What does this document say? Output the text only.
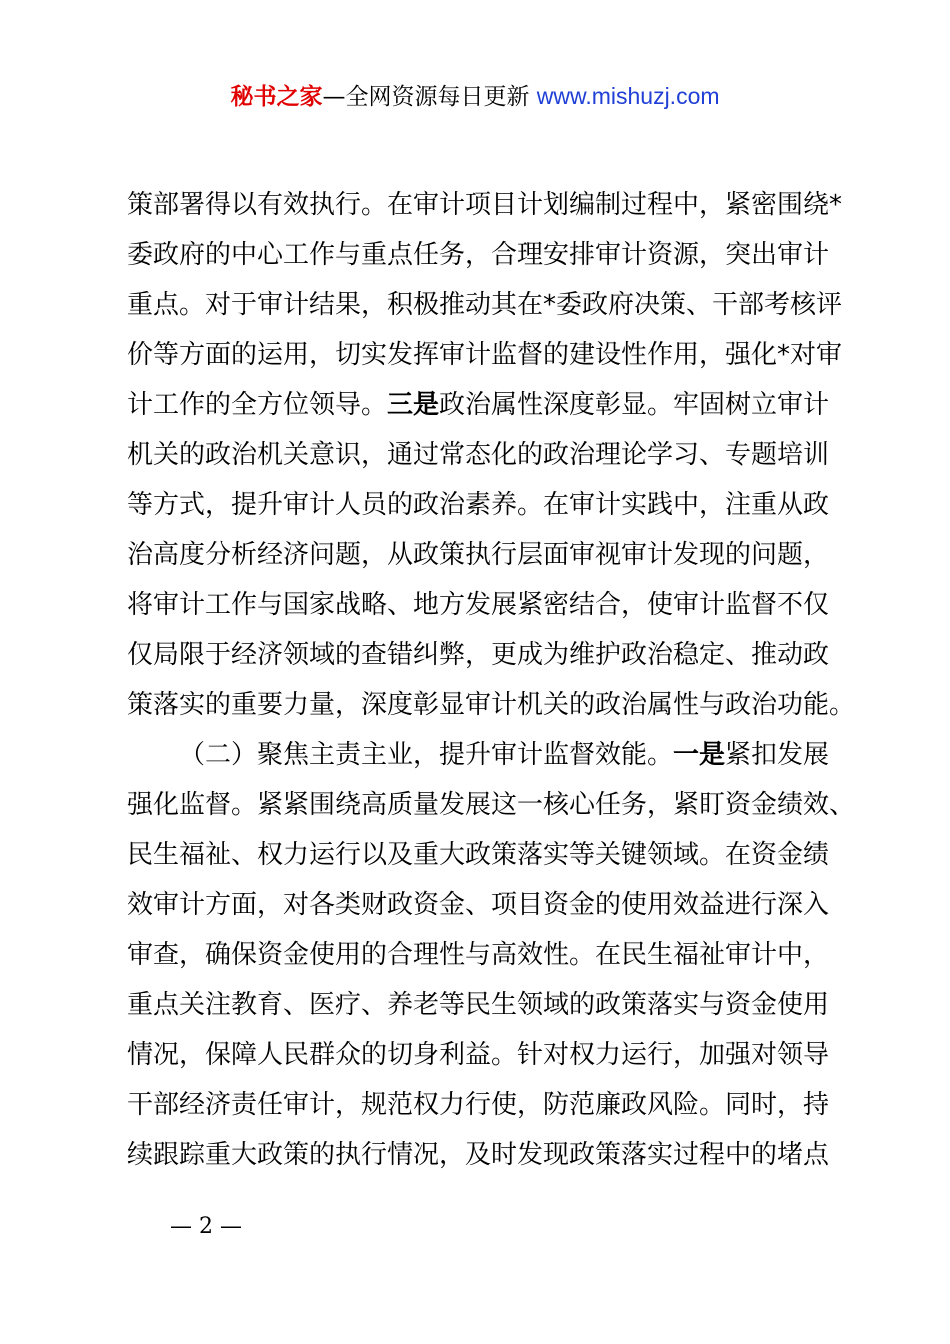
秘书之家—全网资源每日更新 www.mishuzj.com
策部署得以有效执行。在审计项目计划编制过程中，紧密围绕*
委政府的中心工作与重点任务，合理安排审计资源，突出审计
重点。对于审计结果，积极推动其在*委政府决策、干部考核评
价等方面的运用，切实发挥审计监督的建设性作用，强化*对审
计工作的全方位领导。三是政治属性深度彰显。牢固树立审计
机关的政治机关意识，通过常态化的政治理论学习、专题培训
等方式，提升审计人员的政治素养。在审计实践中，注重从政
治高度分析经济问题，从政策执行层面审视审计发现的问题，
将审计工作与国家战略、地方发展紧密结合，使审计监督不仅
仅局限于经济领域的查错纠弊，更成为维护政治稳定、推动政
策落实的重要力量，深度彰显审计机关的政治属性与政治功能。
（二）聚焦主责主业，提升审计监督效能。一是紧扣发展
强化监督。紧紧围绕高质量发展这一核心任务，紧盯资金绩效、
民生福祉、权力运行以及重大政策落实等关键领域。在资金绩
效审计方面，对各类财政资金、项目资金的使用效益进行深入
审查，确保资金使用的合理性与高效性。在民生福祉审计中，
重点关注教育、医疗、养老等民生领域的政策落实与资金使用
情况，保障人民群众的切身利益。针对权力运行，加强对领导
干部经济责任审计，规范权力行使，防范廉政风险。同时，持
续跟踪重大政策的执行情况，及时发现政策落实过程中的堵点
— 2 —
